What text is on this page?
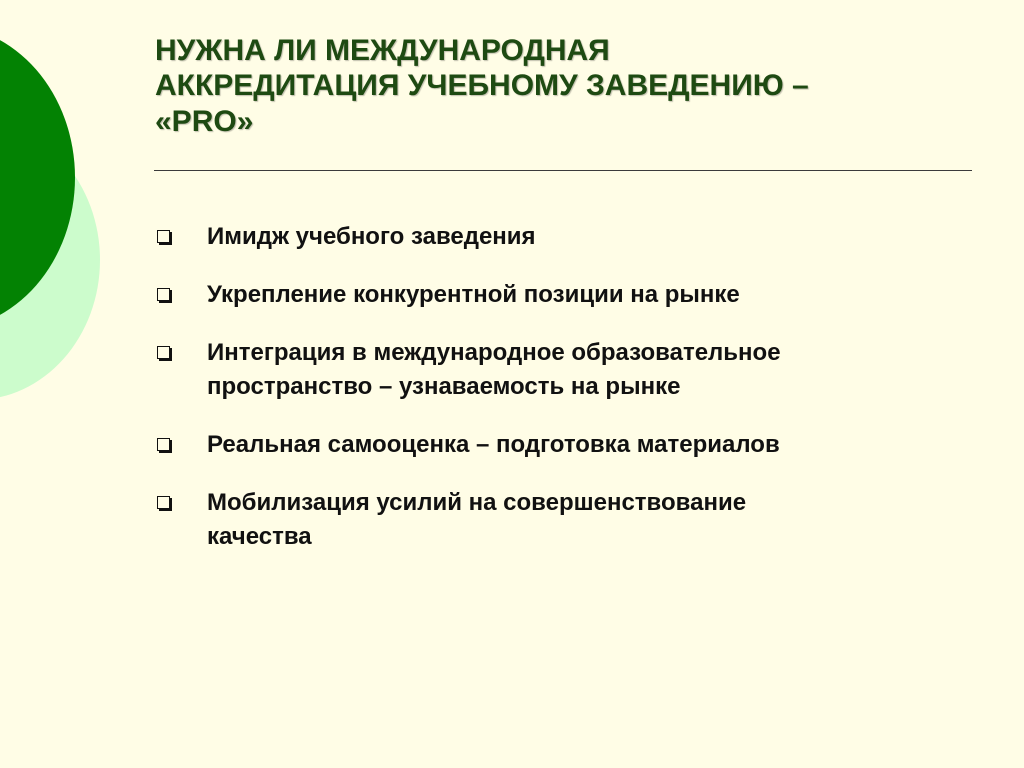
НУЖНА ЛИ МЕЖДУНАРОДНАЯ
АККРЕДИТАЦИЯ УЧЕБНОМУ ЗАВЕДЕНИЮ –
«PRO»
Имидж учебного заведения
Укрепление конкурентной позиции на рынке
Интеграция в международное образовательное
пространство – узнаваемость на рынке
Реальная самооценка – подготовка материалов
Мобилизация усилий на совершенствование
качества
